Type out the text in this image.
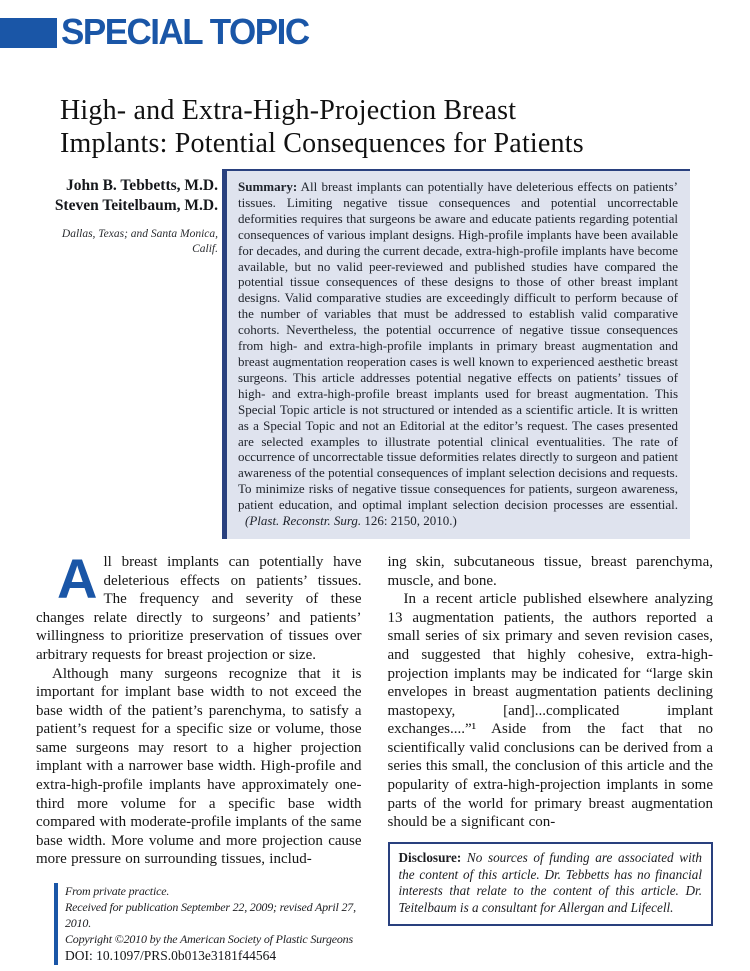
SPECIAL TOPIC
High- and Extra-High-Projection Breast
Implants: Potential Consequences for Patients
John B. Tebbetts, M.D.
Steven Teitelbaum, M.D.
Dallas, Texas; and Santa Monica, Calif.

Summary: All breast implants can potentially have deleterious effects on patients’ tissues. Limiting negative tissue consequences and potential uncorrectable deformities requires that surgeons be aware and educate patients regarding potential consequences of various implant designs. High-profile implants have been available for decades, and during the current decade, extra-high-profile implants have become available, but no valid peer-reviewed and published studies have compared the potential tissue consequences of these designs to those of other breast implant designs. Valid comparative studies are exceedingly difficult to perform because of the number of variables that must be addressed to establish valid comparative cohorts. Nevertheless, the potential occurrence of negative tissue consequences from high- and extra-high-profile implants in primary breast augmentation and breast augmentation reoperation cases is well known to experienced aesthetic breast surgeons. This article addresses potential negative effects on patients’ tissues of high- and extra-high-profile breast implants used for breast augmentation. This Special Topic article is not structured or intended as a scientific article. It is written as a Special Topic and not an Editorial at the editor’s request. The cases presented are selected examples to illustrate potential clinical eventualities. The rate of occurrence of uncorrectable tissue deformities relates directly to surgeon and patient awareness of the potential consequences of implant selection decisions and requests. To minimize risks of negative tissue consequences for patients, surgeon awareness, patient education, and optimal implant selection decision processes are essential. (Plast. Reconstr. Surg. 126: 2150, 2010.)

All breast implants can potentially have deleterious effects on patients’ tissues. The frequency and severity of these changes relate directly to surgeons’ and patients’ willingness to prioritize preservation of tissues over arbitrary requests for breast projection or size.

Although many surgeons recognize that it is important for implant base width to not exceed the base width of the patient’s parenchyma, to satisfy a patient’s request for a specific size or volume, those same surgeons may resort to a higher projection implant with a narrower base width. High-profile and extra-high-profile implants have approximately one-third more volume for a specific base width compared with moderate-profile implants of the same base width. More volume and more projection cause more pressure on surrounding tissues, includ-

From private practice.
Received for publication September 22, 2009; revised April 27, 2010.
Copyright ©2010 by the American Society of Plastic Surgeons
DOI: 10.1097/PRS.0b013e3181f44564

ing skin, subcutaneous tissue, breast parenchyma, muscle, and bone.

In a recent article published elsewhere analyzing 13 augmentation patients, the authors reported a small series of six primary and seven revision cases, and suggested that highly cohesive, extra-high-projection implants may be indicated for “large skin envelopes in breast augmentation patients declining mastopexy, [and]...complicated implant exchanges....”¹ Aside from the fact that no scientifically valid conclusions can be derived from a series this small, the conclusion of this article and the popularity of extra-high-projection implants in some parts of the world for primary breast augmentation should be a significant con-

Disclosure: No sources of funding are associated with the content of this article. Dr. Tebbetts has no financial interests that relate to the content of this article. Dr. Teitelbaum is a consultant for Allergan and Lifecell.
